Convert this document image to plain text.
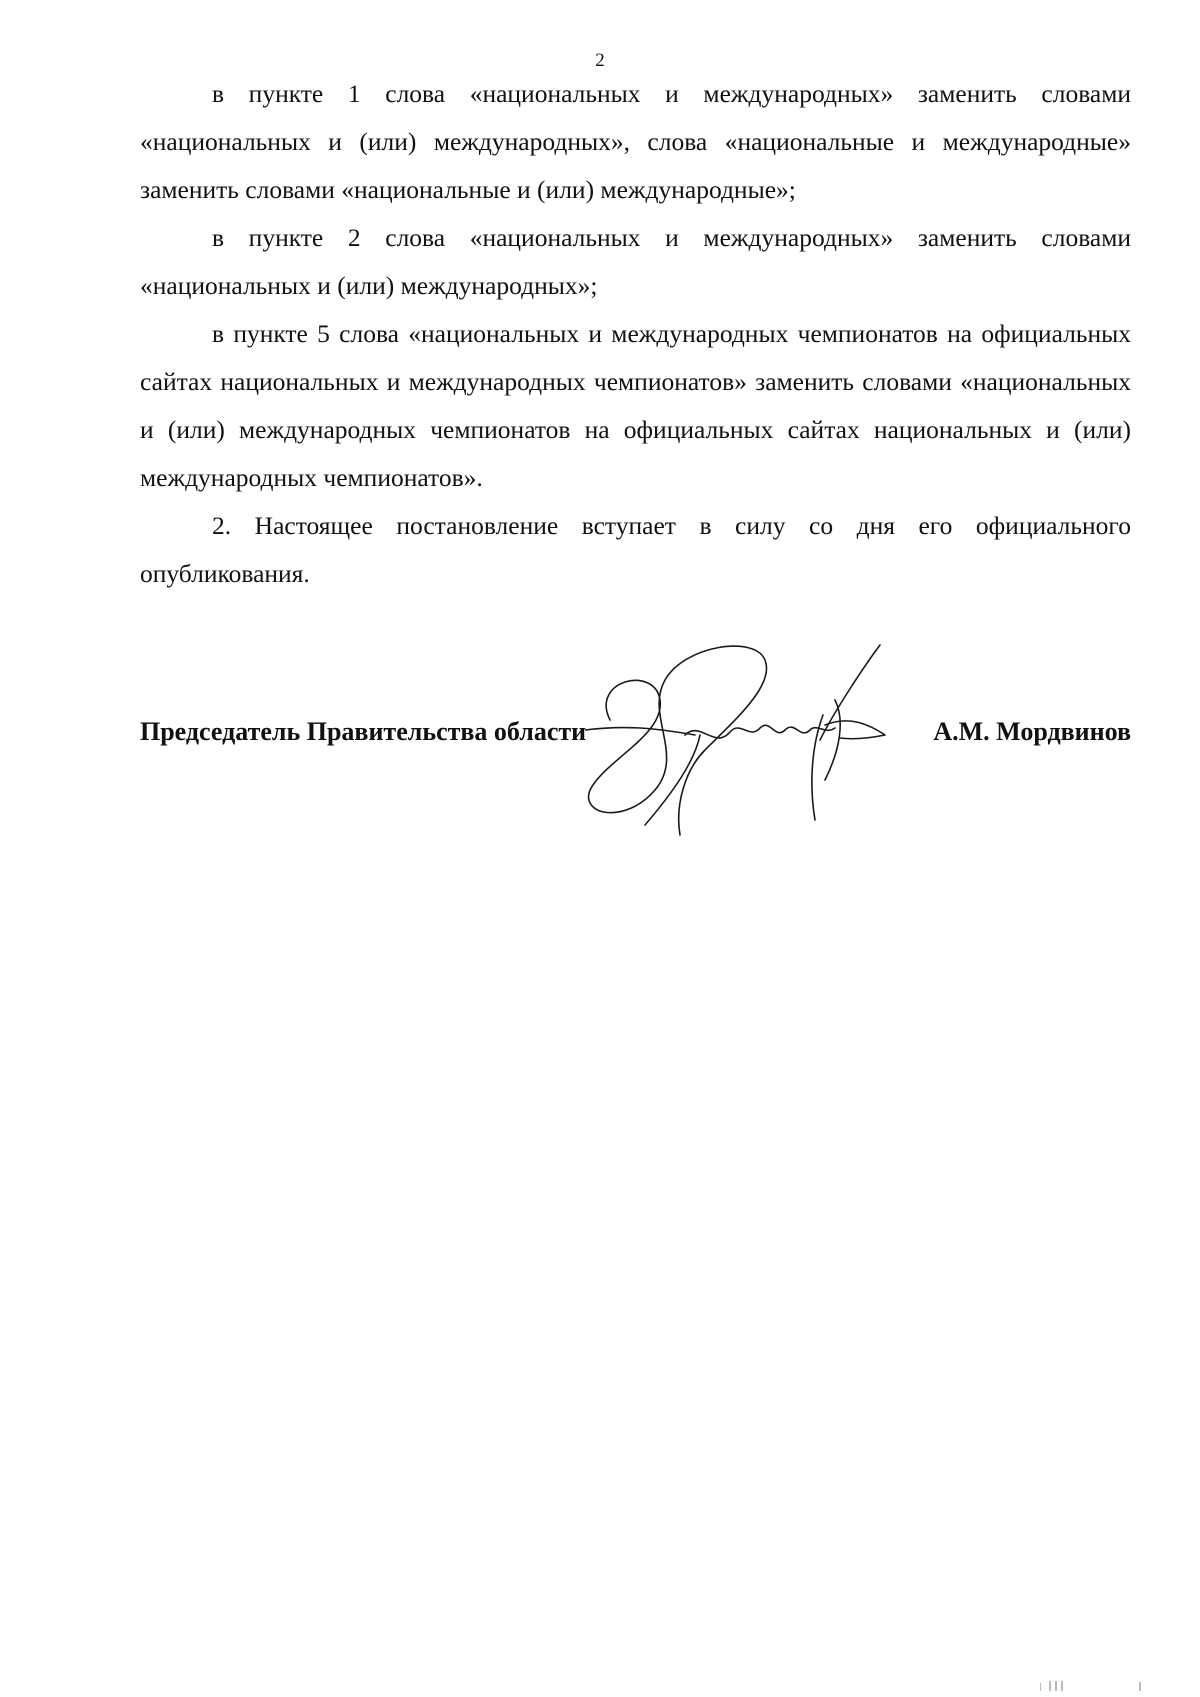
2

в пункте 1 слова «национальных и международных» заменить словами «национальных и (или) международных», слова «национальные и международные» заменить словами «национальные и (или) международные»;

в пункте 2 слова «национальных и международных» заменить словами «национальных и (или) международных»;

в пункте 5 слова «национальных и международных чемпионатов на официальных сайтах национальных и международных чемпионатов» заменить словами «национальных и (или) международных чемпионатов на официальных сайтах национальных и (или) международных чемпионатов».

2. Настоящее постановление вступает в силу со дня его официального опубликования.

Председатель Правительства области	А.М. Мордвинов
